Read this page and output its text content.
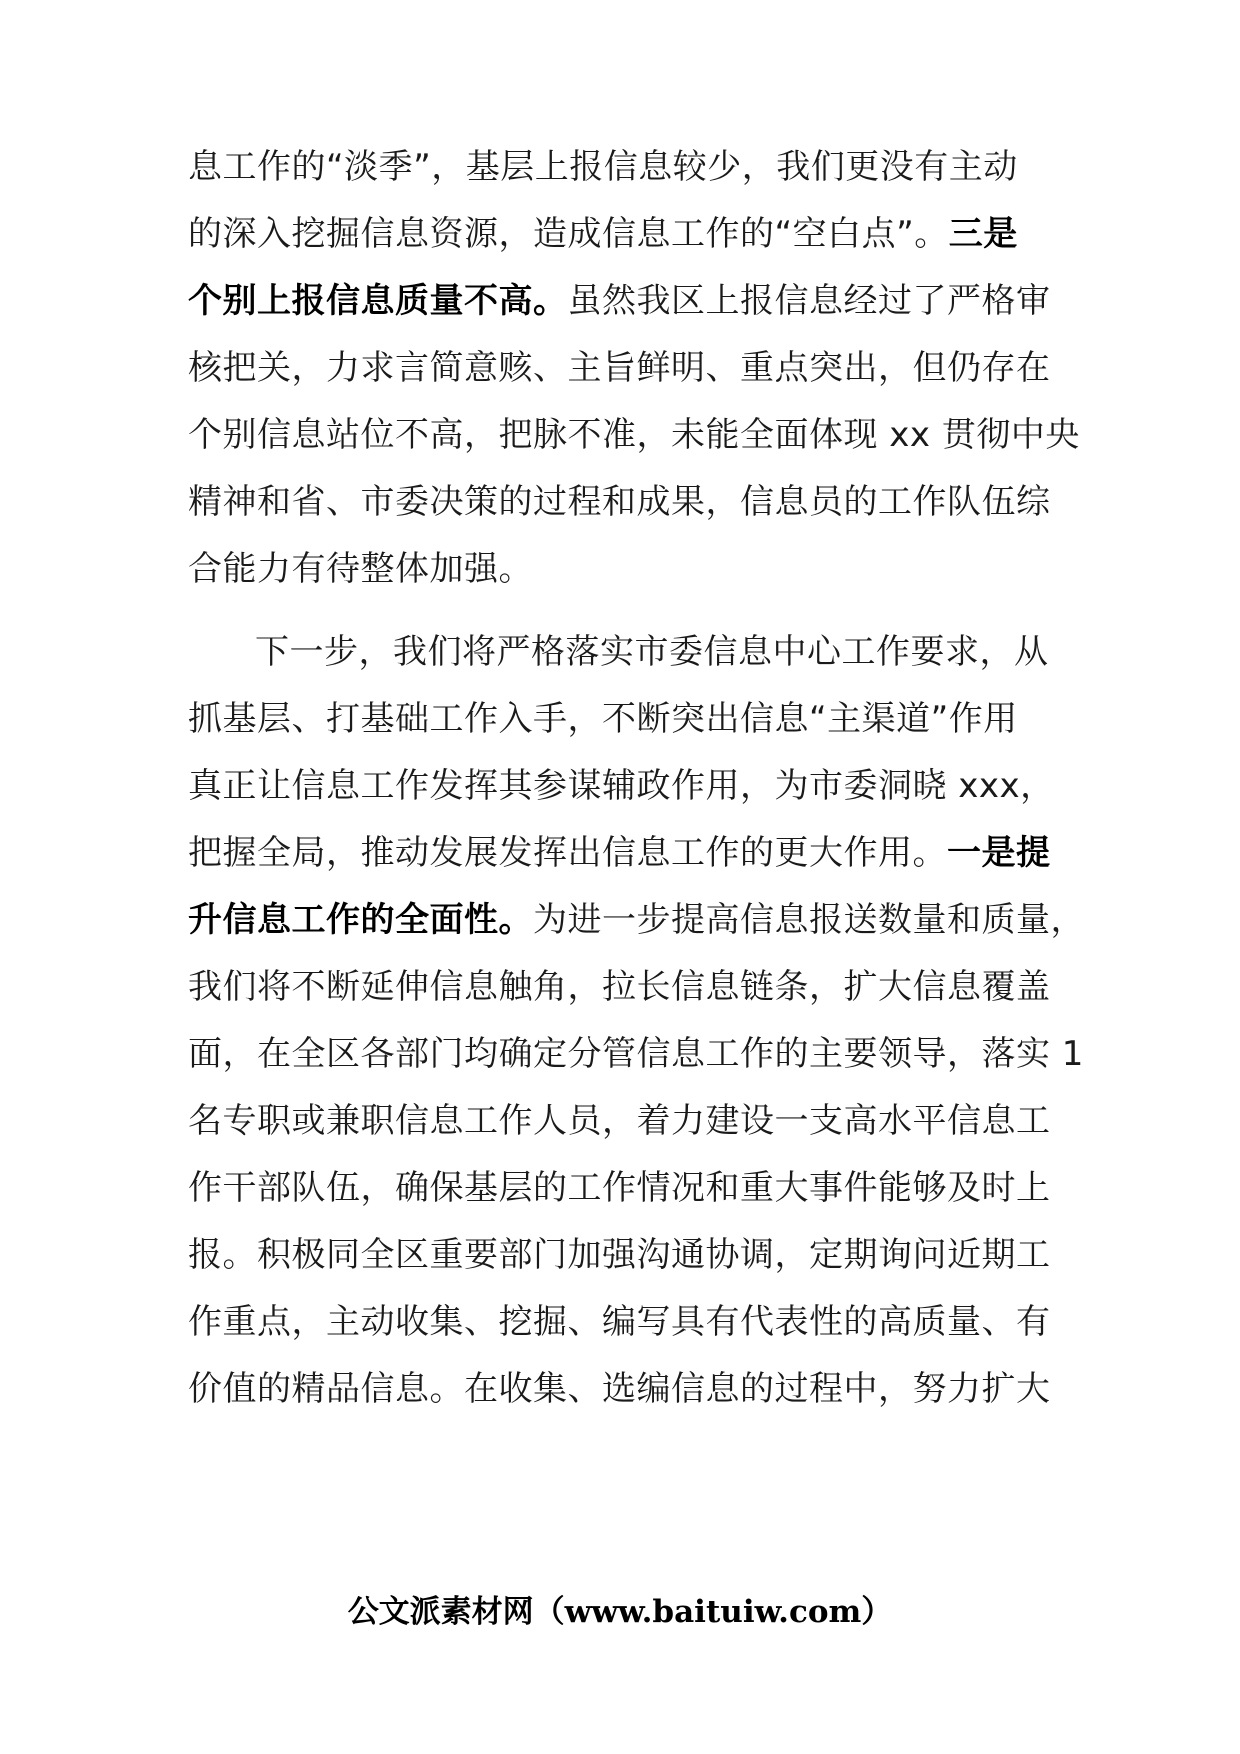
息工作的“淡季”，基层上报信息较少，我们更没有主动
的深入挖掘信息资源，造成信息工作的“空白点”。三是
个别上报信息质量不高。虽然我区上报信息经过了严格审
核把关，力求言简意赅、主旨鲜明、重点突出，但仍存在
个别信息站位不高，把脉不准，未能全面体现 xx 贯彻中央
精神和省、市委决策的过程和成果，信息员的工作队伍综
合能力有待整体加强。
下一步，我们将严格落实市委信息中心工作要求，从
抓基层、打基础工作入手，不断突出信息“主渠道”作用
真正让信息工作发挥其参谋辅政作用，为市委洞晓 xxx，
把握全局，推动发展发挥出信息工作的更大作用。一是提
升信息工作的全面性。为进一步提高信息报送数量和质量，
我们将不断延伸信息触角，拉长信息链条，扩大信息覆盖
面，在全区各部门均确定分管信息工作的主要领导，落实 1
名专职或兼职信息工作人员，着力建设一支高水平信息工
作干部队伍，确保基层的工作情况和重大事件能够及时上
报。积极同全区重要部门加强沟通协调，定期询问近期工
作重点，主动收集、挖掘、编写具有代表性的高质量、有
价值的精品信息。在收集、选编信息的过程中，努力扩大
公文派素材网（www.baituiw.com）
